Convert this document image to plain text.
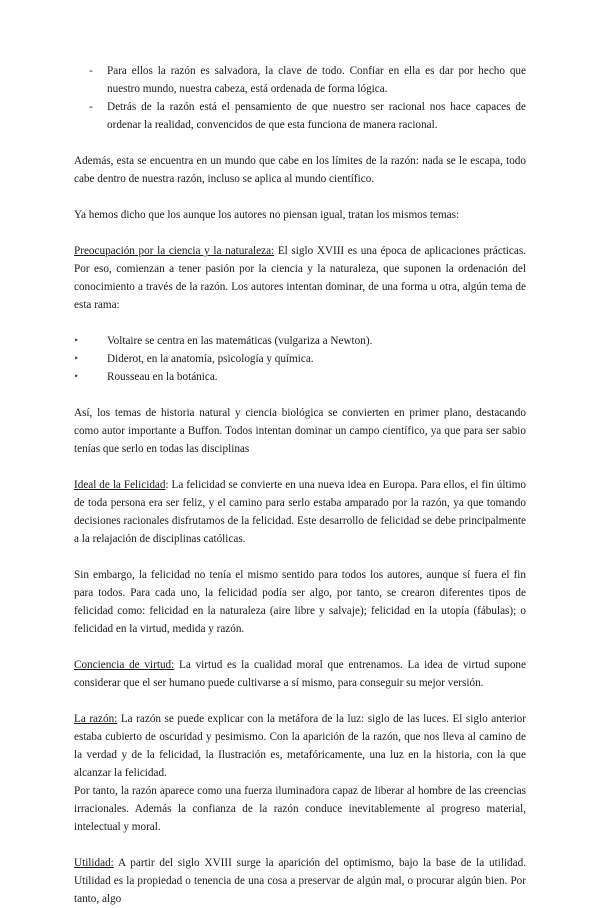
- Para ellos la razón es salvadora, la clave de todo. Confiar en ella es dar por hecho que nuestro mundo, nuestra cabeza, está ordenada de forma lógica.
- Detrás de la razón está el pensamiento de que nuestro ser racional nos hace capaces de ordenar la realidad, convencidos de que esta funciona de manera racional.

Además, esta se encuentra en un mundo que cabe en los límites de la razón: nada se le escapa, todo cabe dentro de nuestra razón, incluso se aplica al mundo científico.

Ya hemos dicho que los aunque los autores no piensan igual, tratan los mismos temas:

Preocupación por la ciencia y la naturaleza: El siglo XVIII es una época de aplicaciones prácticas. Por eso, comienzan a tener pasión por la ciencia y la naturaleza, que suponen la ordenación del conocimiento a través de la razón. Los autores intentan dominar, de una forma u otra, algún tema de esta rama:

‣	Voltaire se centra en las matemáticas (vulgariza a Newton).
‣	Diderot, en la anatomía, psicología y química.
‣	Rousseau en la botánica.

Así, los temas de historia natural y ciencia biológica se convierten en primer plano, destacando como autor importante a Buffon. Todos intentan dominar un campo científico, ya que para ser sabio tenías que serlo en todas las disciplinas

Ideal de la Felicidad: La felicidad se convierte en una nueva idea en Europa. Para ellos, el fin último de toda persona era ser feliz, y el camino para serlo estaba amparado por la razón, ya que tomando decisiones racionales disfrutamos de la felicidad. Este desarrollo de felicidad se debe principalmente a la relajación de disciplinas católicas.

Sin embargo, la felicidad no tenía el mismo sentido para todos los autores, aunque sí fuera el fin para todos. Para cada uno, la felicidad podía ser algo, por tanto, se crearon diferentes tipos de felicidad como: felicidad en la naturaleza (aire libre y salvaje); felicidad en la utopía (fábulas); o felicidad en la virtud, medida y razón.

Conciencia de virtud: La virtud es la cualidad moral que entrenamos. La idea de virtud supone considerar que el ser humano puede cultivarse a sí mismo, para conseguir su mejor versión.

La razón: La razón se puede explicar con la metáfora de la luz: siglo de las luces. El siglo anterior estaba cubierto de oscuridad y pesimismo. Con la aparición de la razón, que nos lleva al camino de la verdad y de la felicidad, la Ilustración es, metafóricamente, una luz en la historia, con la que alcanzar la felicidad.

Por tanto, la razón aparece como una fuerza iluminadora capaz de liberar al hombre de las creencias irracionales. Además la confianza de la razón conduce inevitablemente al progreso material, intelectual y moral.

Utilidad: A partir del siglo XVIII surge la aparición del optimismo, bajo la base de la utilidad. Utilidad es la propiedad o tenencia de una cosa a preservar de algún mal, o procurar algún bien. Por tanto, algo
